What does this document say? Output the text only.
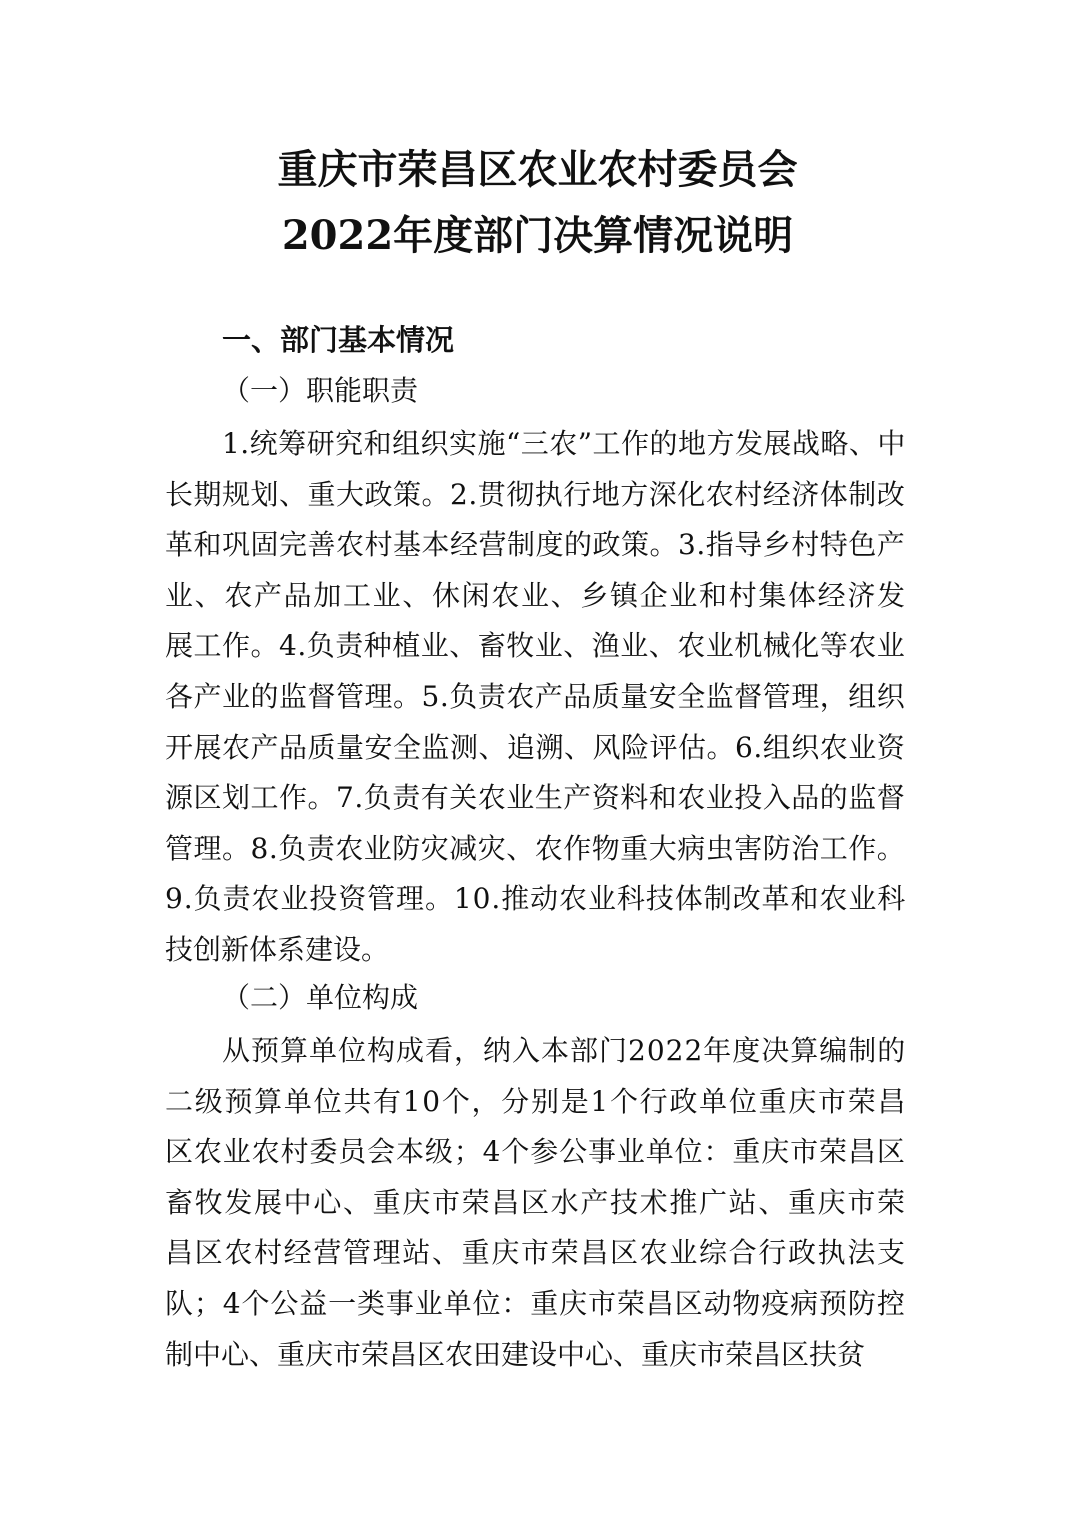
重庆市荣昌区农业农村委员会
2022年度部门决算情况说明
一、部门基本情况
（一）职能职责
1.统筹研究和组织实施“三农”工作的地方发展战略、中
长期规划、重大政策。2.贯彻执行地方深化农村经济体制改
革和巩固完善农村基本经营制度的政策。3.指导乡村特色产
业、农产品加工业、休闲农业、乡镇企业和村集体经济发
展工作。4.负责种植业、畜牧业、渔业、农业机械化等农业
各产业的监督管理。5.负责农产品质量安全监督管理，组织
开展农产品质量安全监测、追溯、风险评估。6.组织农业资
源区划工作。7.负责有关农业生产资料和农业投入品的监督
管理。8.负责农业防灾减灾、农作物重大病虫害防治工作。
9.负责农业投资管理。10.推动农业科技体制改革和农业科
技创新体系建设。
（二）单位构成
从预算单位构成看，纳入本部门2022年度决算编制的
二级预算单位共有10个，分别是1个行政单位重庆市荣昌
区农业农村委员会本级；4个参公事业单位：重庆市荣昌区
畜牧发展中心、重庆市荣昌区水产技术推广站、重庆市荣
昌区农村经营管理站、重庆市荣昌区农业综合行政执法支
队；4个公益一类事业单位：重庆市荣昌区动物疫病预防控
制中心、重庆市荣昌区农田建设中心、重庆市荣昌区扶贫
